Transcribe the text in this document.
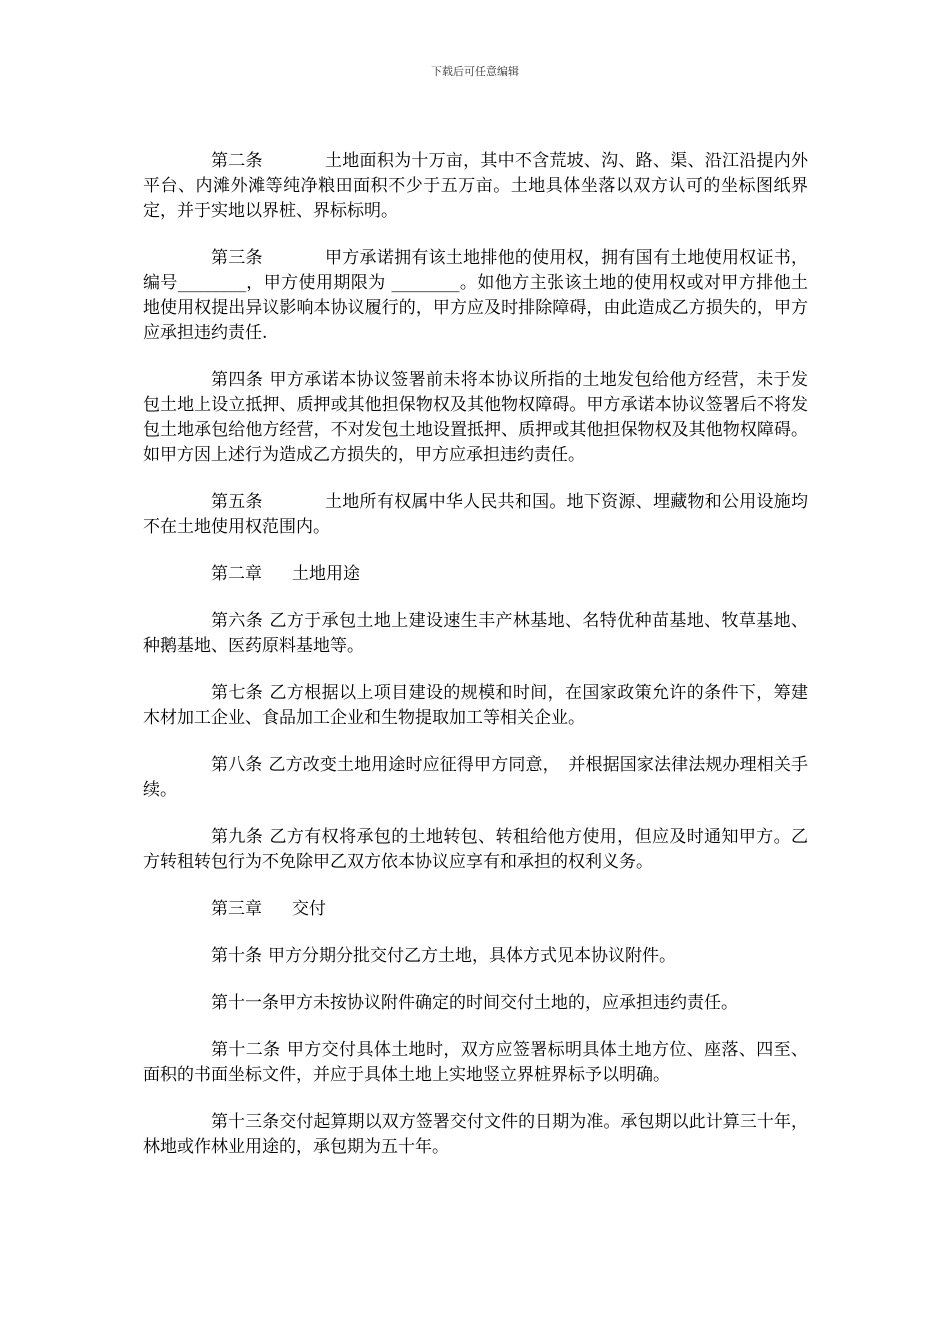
下载后可任意编辑

第二条	土地面积为十万亩，其中不含荒坡、沟、路、渠、沿江沿提内外平台、内滩外滩等纯净粮田面积不少于五万亩。土地具体坐落以双方认可的坐标图纸界定，并于实地以界桩、界标标明。

第三条	甲方承诺拥有该土地排他的使用权，拥有国有土地使用权证书，编号________，甲方使用期限为 ________。如他方主张该土地的使用权或对甲方排他土地使用权提出异议影响本协议履行的，甲方应及时排除障碍，由此造成乙方损失的，甲方应承担违约责任.

第四条 甲方承诺本协议签署前未将本协议所指的土地发包给他方经营，未于发包土地上设立抵押、质押或其他担保物权及其他物权障碍。甲方承诺本协议签署后不将发包土地承包给他方经营，不对发包土地设置抵押、质押或其他担保物权及其他物权障碍。如甲方因上述行为造成乙方损失的，甲方应承担违约责任。

第五条	土地所有权属中华人民共和国。地下资源、埋藏物和公用设施均不在土地使用权范围内。

第二章 土地用途

第六条 乙方于承包土地上建设速生丰产林基地、名特优种苗基地、牧草基地、种鹅基地、医药原料基地等。

第七条 乙方根据以上项目建设的规模和时间，在国家政策允许的条件下，筹建木材加工企业、食品加工企业和生物提取加工等相关企业。

第八条 乙方改变土地用途时应征得甲方同意，　并根据国家法律法规办理相关手续。

第九条 乙方有权将承包的土地转包、转租给他方使用，但应及时通知甲方。乙方转租转包行为不免除甲乙双方依本协议应享有和承担的权利义务。

第三章 交付

第十条 甲方分期分批交付乙方土地，具体方式见本协议附件。

第十一条甲方未按协议附件确定的时间交付土地的，应承担违约责任。

第十二条 甲方交付具体土地时，双方应签署标明具体土地方位、座落、四至、面积的书面坐标文件，并应于具体土地上实地竖立界桩界标予以明确。

第十三条交付起算期以双方签署交付文件的日期为准。承包期以此计算三十年，林地或作林业用途的，承包期为五十年。
